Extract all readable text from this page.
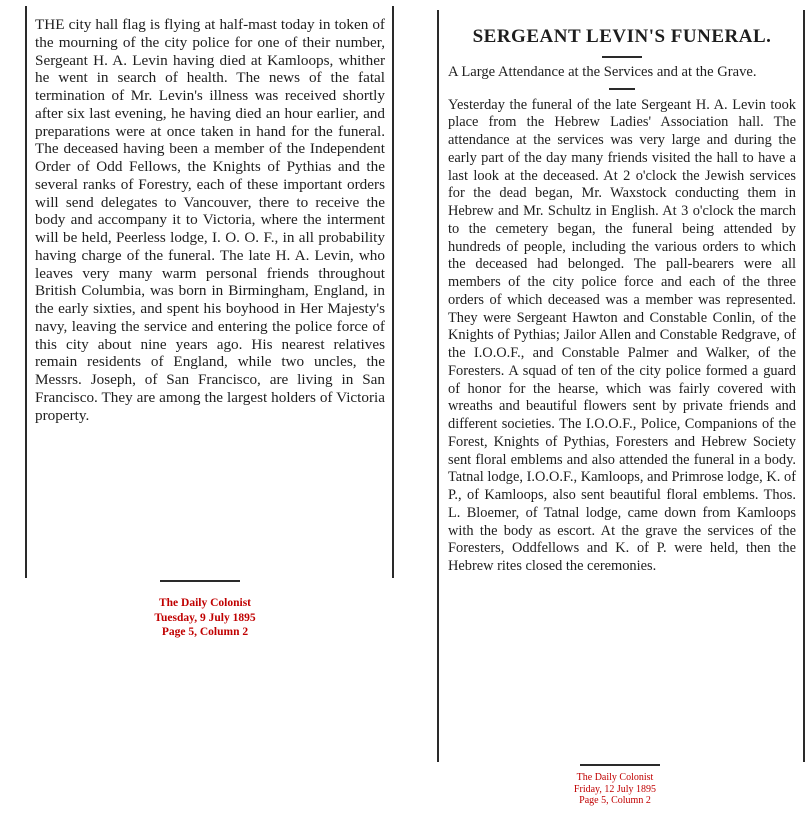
THE city hall flag is flying at half-mast today in token of the mourning of the city police for one of their number, Sergeant H. A. Levin having died at Kamloops, whither he went in search of health. The news of the fatal termination of Mr. Levin's illness was received shortly after six last evening, he having died an hour earlier, and preparations were at once taken in hand for the funeral. The deceased having been a member of the Independent Order of Odd Fellows, the Knights of Pythias and the several ranks of Forestry, each of these important orders will send delegates to Vancouver, there to receive the body and accompany it to Victoria, where the interment will be held, Peerless lodge, I. O. O. F., in all probability having charge of the funeral. The late H. A. Levin, who leaves very many warm personal friends throughout British Columbia, was born in Birmingham, England, in the early sixties, and spent his boyhood in Her Majesty's navy, leaving the service and entering the police force of this city about nine years ago. His nearest relatives remain residents of England, while two uncles, the Messrs. Joseph, of San Francisco, are living in San Francisco. They are among the largest holders of Victoria property.

The Daily Colonist
Tuesday, 9 July 1895
Page 5, Column 2
SERGEANT LEVIN'S FUNERAL.

A Large Attendance at the Services and at the Grave.

Yesterday the funeral of the late Sergeant H. A. Levin took place from the Hebrew Ladies' Association hall. The attendance at the services was very large and during the early part of the day many friends visited the hall to have a last look at the deceased. At 2 o'clock the Jewish services for the dead began, Mr. Waxstock conducting them in Hebrew and Mr. Schultz in English. At 3 o'clock the march to the cemetery began, the funeral being attended by hundreds of people, including the various orders to which the deceased had belonged. The pall-bearers were all members of the city police force and each of the three orders of which deceased was a member was represented. They were Sergeant Hawton and Constable Conlin, of the Knights of Pythias; Jailor Allen and Constable Redgrave, of the I.O.O.F., and Constable Palmer and Walker, of the Foresters. A squad of ten of the city police formed a guard of honor for the hearse, which was fairly covered with wreaths and beautiful flowers sent by private friends and different societies. The I.O.O.F., Police, Companions of the Forest, Knights of Pythias, Foresters and Hebrew Society sent floral emblems and also attended the funeral in a body. Tatnal lodge, I.O.O.F., Kamloops, and Primrose lodge, K. of P., of Kamloops, also sent beautiful floral emblems. Thos. L. Bloemer, of Tatnal lodge, came down from Kamloops with the body as escort. At the grave the services of the Foresters, Oddfellows and K. of P. were held, then the Hebrew rites closed the ceremonies.

The Daily Colonist
Friday, 12 July 1895
Page 5, Column 2
